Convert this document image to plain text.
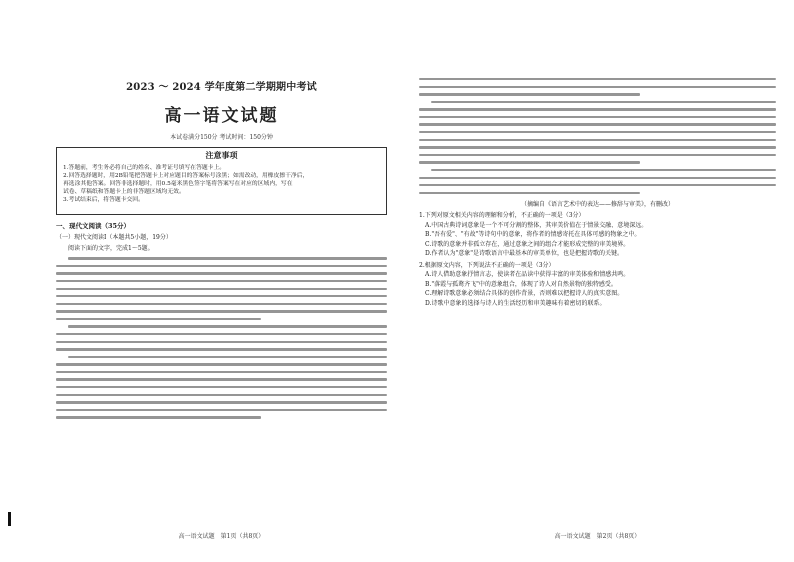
2023 ～ 2024 学年度第二学期期中考试
高一语文试题
本试卷满分150分 考试时间：150分钟
注意事项
1.答题前，考生务必将自己的姓名、准考证号填写在答题卡上。
2.回答选择题时，用2B铅笔把答题卡上对应题目的答案标号涂黑；如需改动，用橡皮擦干净后，
再选涂其他答案。回答非选择题时，用0.5毫米黑色签字笔将答案写在对应的区域内，写在
试卷、草稿纸和答题卡上的非答题区域均无效。
3.考试结束后，将答题卡交回。
一、现代文阅读（35分）
（一）现代文阅读Ⅰ（本题共5小题，19分）
阅读下面的文字，完成1～5题。
高一语文试题　第1页（共8页）
（摘编自《语言艺术中的表达——修辞与审美》，有删改）
1.下列对原文相关内容的理解和分析，不正确的一项是（3分）
A.中国古典诗词意象是一个不可分割的整体，其审美价值在于情景交融、意境深远。
B."吾有爱"、"有故"等诗句中的意象，将作者的情感寄托在具体可感的物象之中。
C.诗歌的意象并非孤立存在，通过意象之间的组合才能形成完整的审美境界。
D.作者认为"意象"是诗歌语言中最基本的审美单位，也是把握诗歌的关键。
2.根据原文内容，下列说法不正确的一项是（3分）
A.诗人借助意象抒情言志，使读者在品读中获得丰富的审美体验和情感共鸣。
B."落霞与孤鹜齐飞"中的意象组合，体现了诗人对自然景物的独特感受。
C.理解诗歌意象必须结合具体的创作背景，否则难以把握诗人的真实意图。
D.诗歌中意象的选择与诗人的生活经历和审美趣味有着密切的联系。
高一语文试题　第2页（共8页）
